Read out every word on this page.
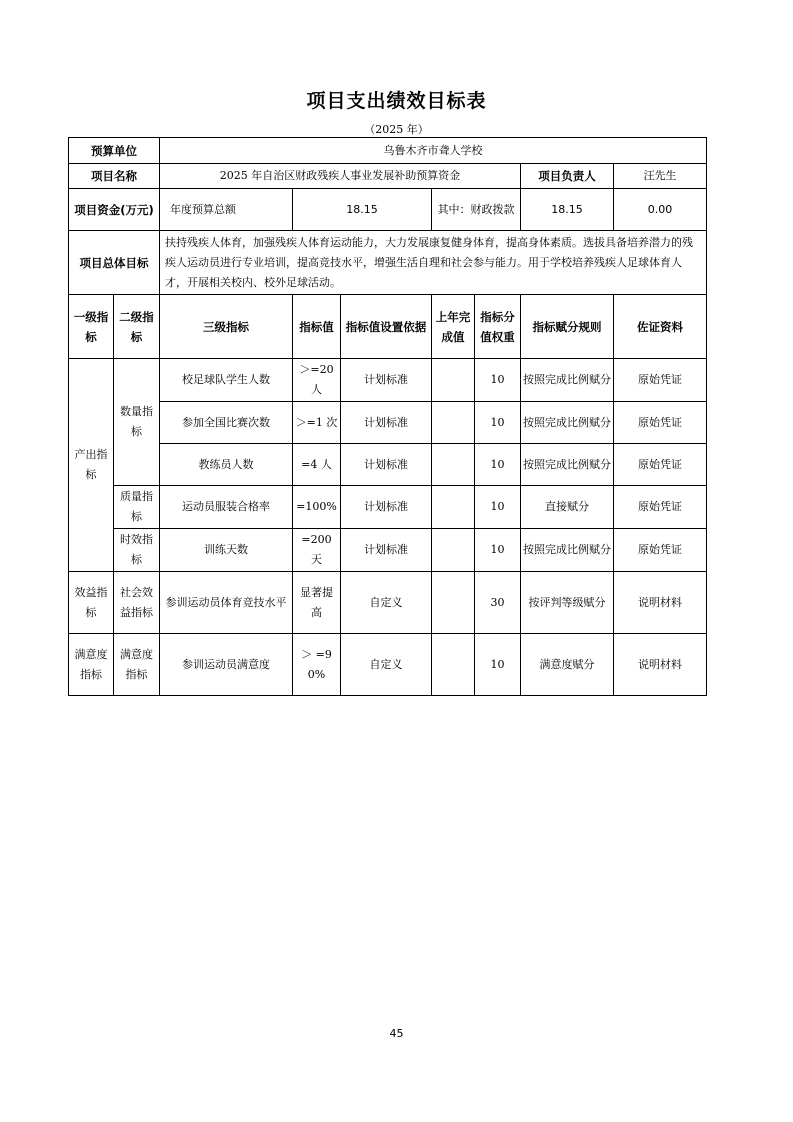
项目支出绩效目标表
（2025 年）
预算单位		乌鲁木齐市聋人学校						
项目名称		2025 年自治区财政残疾人事业发展补助预算资金					项目负责人	汪先生
项目资金(万元)		年度预算总额	18.15		其中：财政拨款		18.15	0.00
项目总体目标		扶持残疾人体育，加强残疾人体育运动能力，大力发展康复健身体育，提高身体素质。选拔具备培养潜力的残疾人运动员进行专业培训，提高竞技水平，增强生活自理和社会参与能力。用于学校培养残疾人足球体育人才，开展相关校内、校外足球活动。						
一级指标	二级指标	三级指标	指标值	指标值设置依据	上年完成值	指标分值权重	指标赋分规则	佐证资料
产出指标	数量指标	校足球队学生人数	＞=20 人	计划标准		10	按照完成比例赋分	原始凭证
		参加全国比赛次数	＞=1 次	计划标准		10	按照完成比例赋分	原始凭证
		教练员人数	=4 人	计划标准		10	按照完成比例赋分	原始凭证
	质量指标	运动员服装合格率	=100%	计划标准		10	直接赋分	原始凭证
	时效指标	训练天数	=200 天	计划标准		10	按照完成比例赋分	原始凭证
效益指标	社会效益指标	参训运动员体育竞技水平	显著提高	自定义		30	按评判等级赋分	说明材料
满意度指标	满意度指标	参训运动员满意度	＞ =90%	自定义		10	满意度赋分	说明材料
45
